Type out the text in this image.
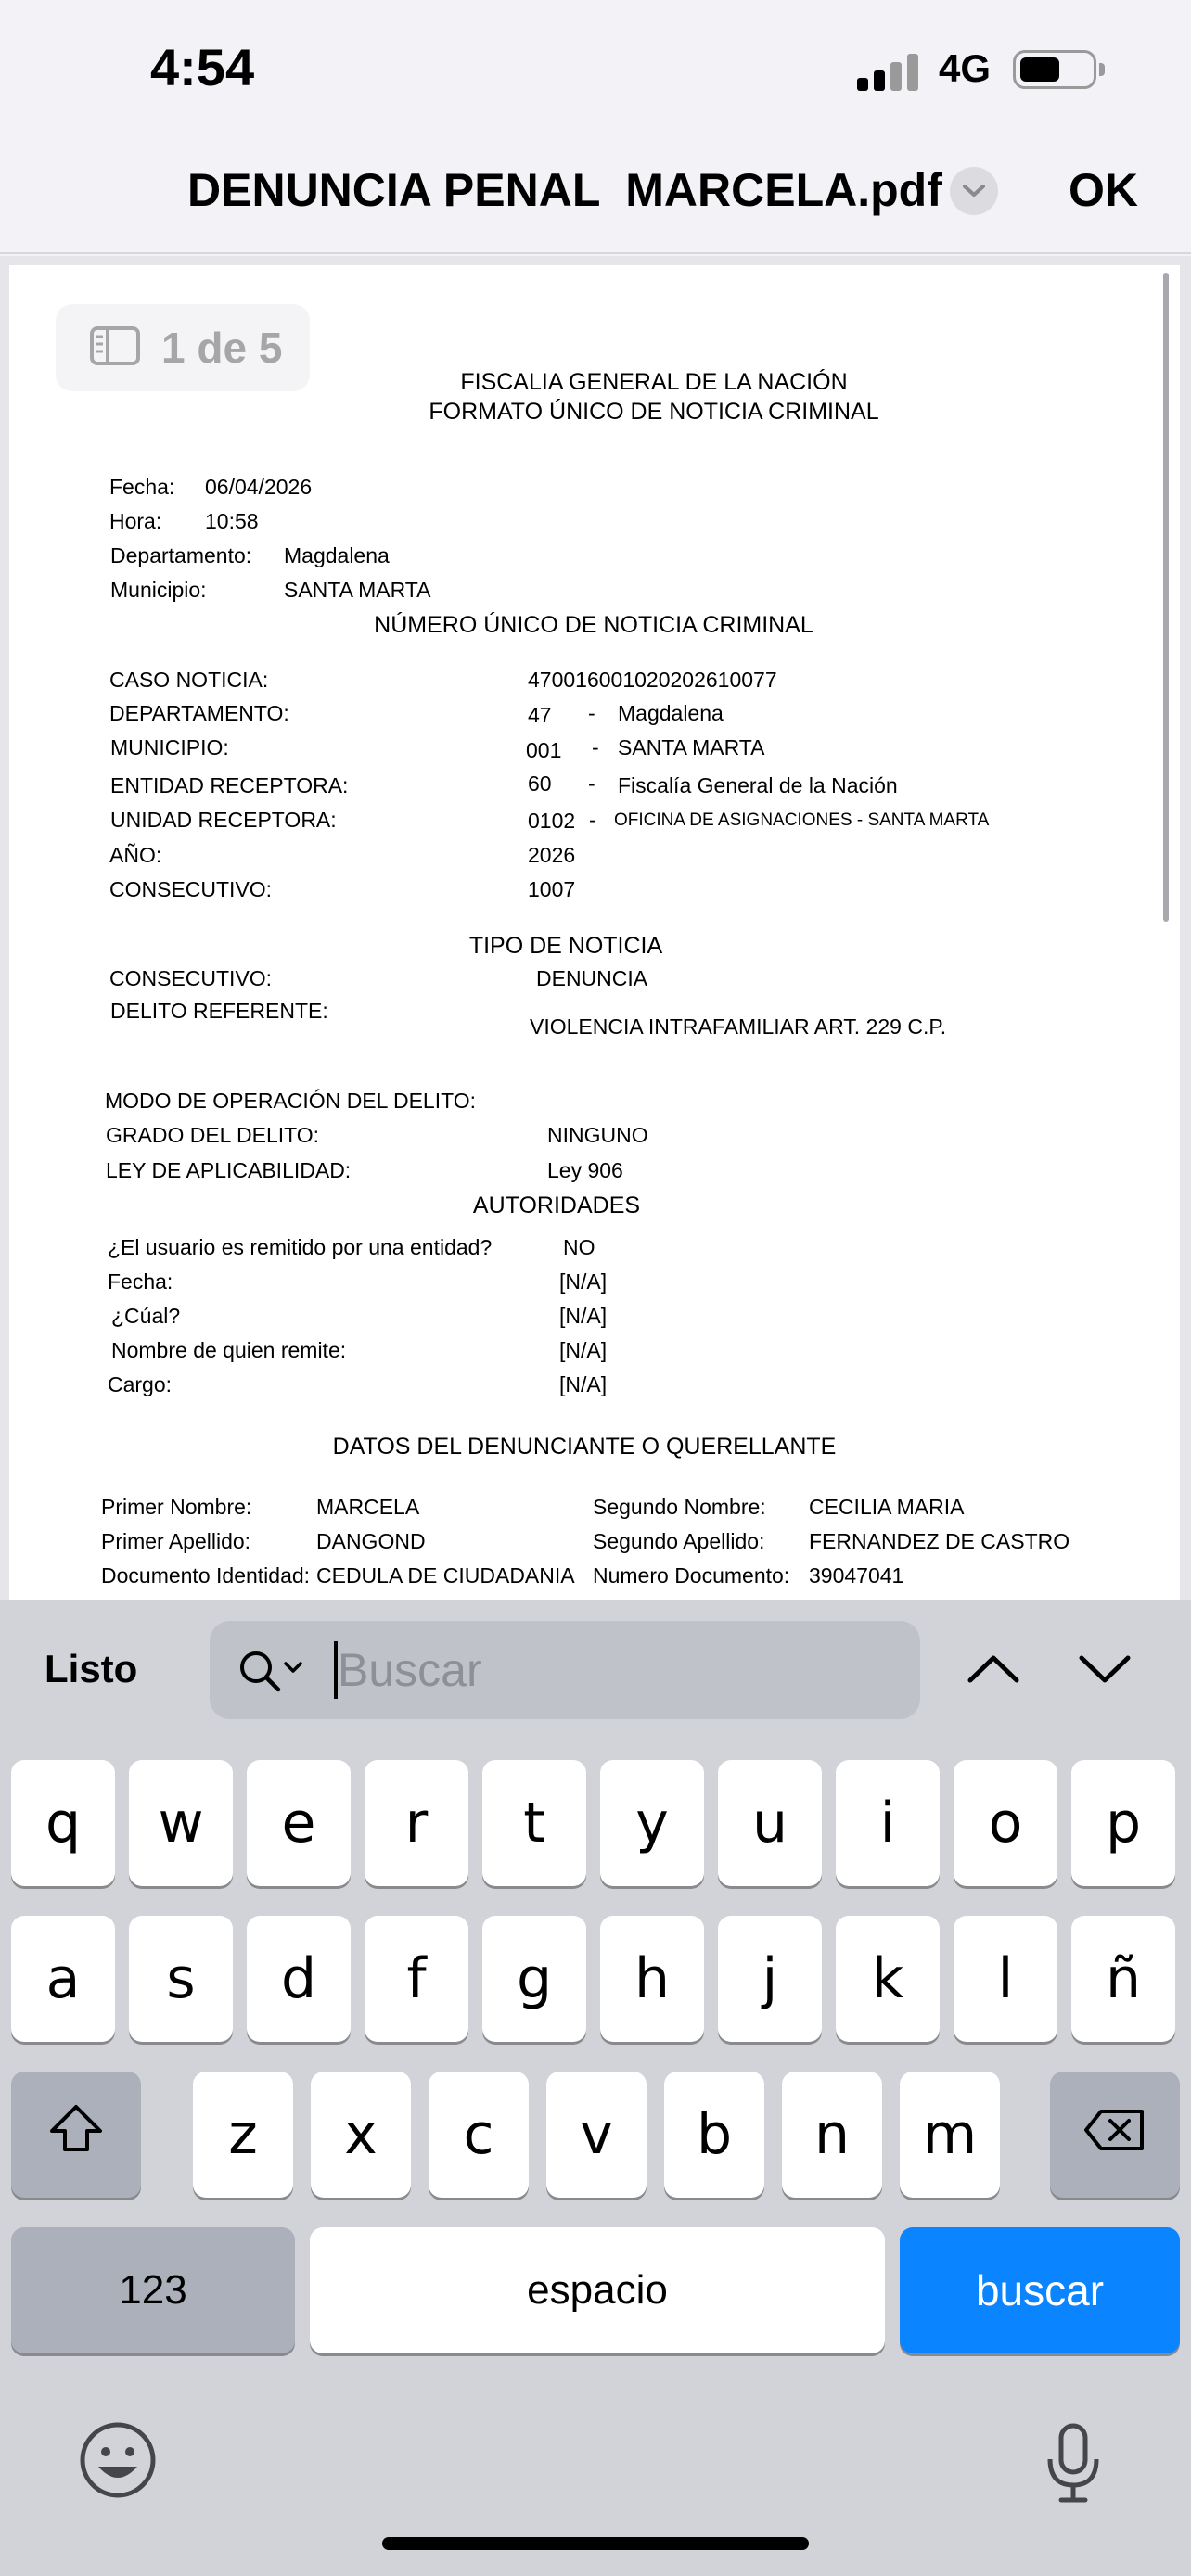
4:54	4G
DENUNCIA PENAL  MARCELA.pdf	OK
1 de 5
FISCALIA GENERAL DE LA NACIÓN
FORMATO ÚNICO DE NOTICIA CRIMINAL
Fecha: 06/04/2026
Hora: 10:58
Departamento: Magdalena
Municipio:	SANTA MARTA
NÚMERO ÚNICO DE NOTICIA CRIMINAL
CASO NOTICIA:	470016001020202610077
DEPARTAMENTO:	47 - Magdalena
MUNICIPIO:	001 - SANTA MARTA
ENTIDAD RECEPTORA:	60 - Fiscalía General de la Nación
UNIDAD RECEPTORA:	0102 - OFICINA DE ASIGNACIONES - SANTA MARTA
AÑO:	2026
CONSECUTIVO:	1007
TIPO DE NOTICIA
CONSECUTIVO:	DENUNCIA
DELITO REFERENTE:
VIOLENCIA INTRAFAMILIAR ART. 229 C.P.
MODO DE OPERACIÓN DEL DELITO:
GRADO DEL DELITO:	NINGUNO
LEY DE APLICABILIDAD:	Ley 906
AUTORIDADES
¿El usuario es remitido por una entidad?	NO
Fecha:	[N/A]
¿Cúal?	[N/A]
Nombre de quien remite:	[N/A]
Cargo:	[N/A]
DATOS DEL DENUNCIANTE O QUERELLANTE
Primer Nombre:	MARCELA	Segundo Nombre: CECILIA MARIA
Primer Apellido:	DANGOND	Segundo Apellido: FERNANDEZ DE CASTRO
Documento Identidad: CEDULA DE CIUDADANIA Numero Documento: 39047041
Listo
Buscar
q	w	e	r	t	y	u	i	o	p
a	s	d	f	g	h	j	k	l	ñ
z	x	c	v	b	n	m
123	espacio	buscar
